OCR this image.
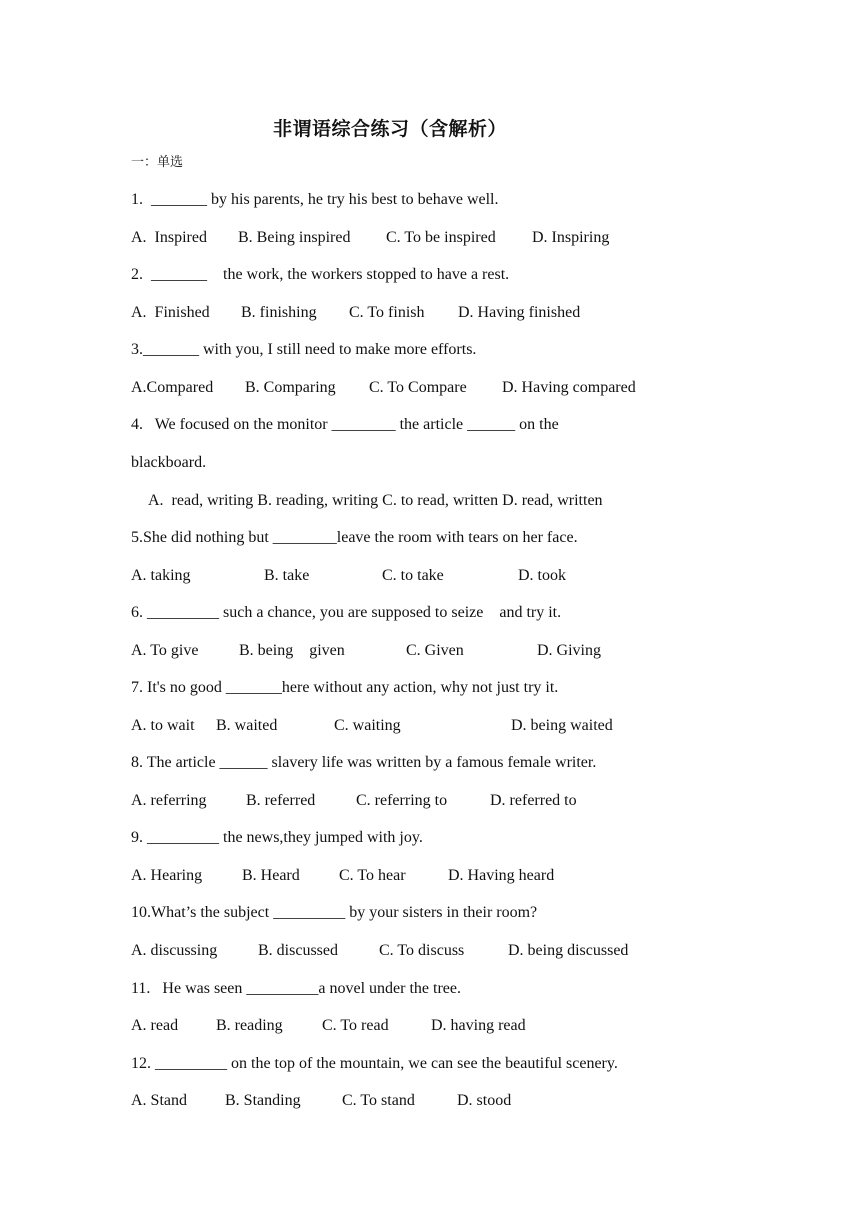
非谓语综合练习（含解析）
一：单选
1.  _______ by his parents, he try his best to behave well.
A.  Inspired B. Being inspired C. To be inspired D. Inspiring
2.  _______    the work, the workers stopped to have a rest.
A.  Finished B. finishing C. To finish D. Having finished
3._______ with you, I still need to make more efforts.
A.Compared B. Comparing C. To Compare D. Having compared
4.   We focused on the monitor ________ the article ______ on the
blackboard.
A.  read, writing B. reading, writing C. to read, written D. read, written
5.She did nothing but ________leave the room with tears on her face.
A. taking	B. take	C. to take	D. took
6. _________ such a chance, you are supposed to seize    and try it.
A. To give	B. being    given	C. Given	D. Giving
7. It's no good _______here without any action, why not just try it.
A. to wait B. waited	C. waiting	D. being waited
8. The article ______ slavery life was written by a famous female writer.
A. referring B. referred	C. referring to	D. referred to
9. _________ the news,they jumped with joy.
A. Hearing B. Heard C. To hear	D. Having heard
10.What’s the subject _________ by your sisters in their room?
A. discussing	B. discussed	C. To discuss	D. being discussed
11.   He was seen _________a novel under the tree.
A. read B. reading C. To read	D. having read
12. _________ on the top of the mountain, we can see the beautiful scenery.
A. Stand B. Standing	C. To stand	D. stood
